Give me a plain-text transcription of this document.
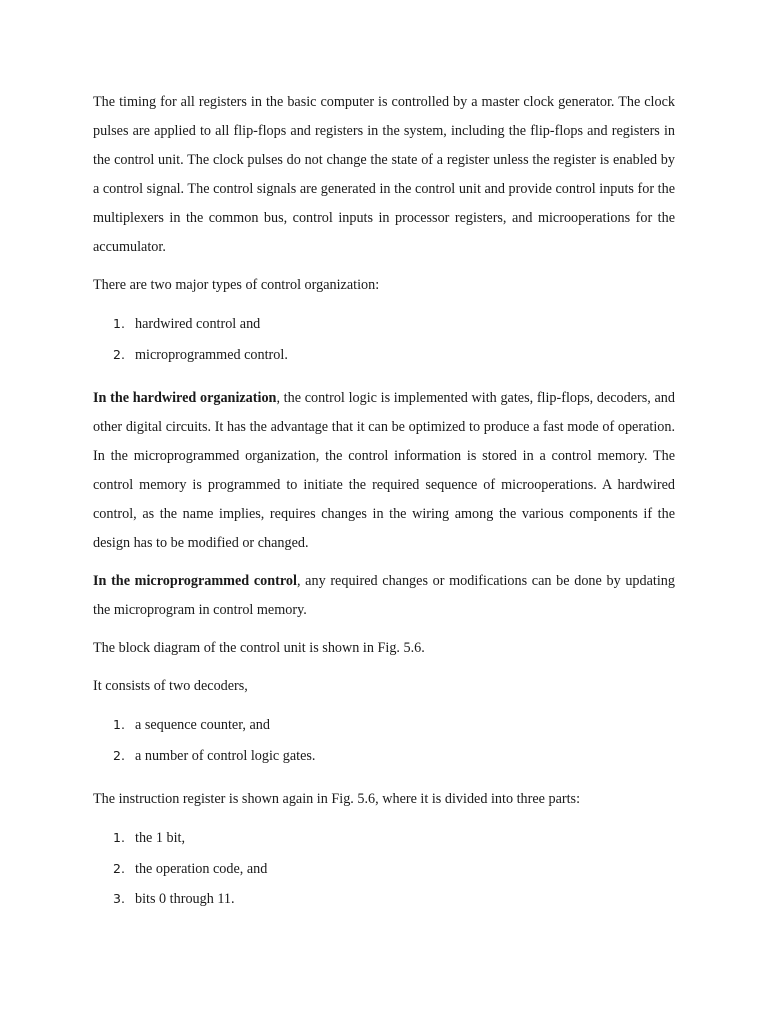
The timing for all registers in the basic computer is controlled by a master clock generator. The clock pulses are applied to all flip-flops and registers in the system, including the flip-flops and registers in the control unit. The clock pulses do not change the state of a register unless the register is enabled by a control signal. The control signals are generated in the control unit and provide control inputs for the multiplexers in the common bus, control inputs in processor registers, and microoperations for the accumulator.

There are two major types of control organization:

1. hardwired control and
2. microprogrammed control.

In the hardwired organization, the control logic is implemented with gates, flip-flops, decoders, and other digital circuits. It has the advantage that it can be optimized to produce a fast mode of operation. In the microprogrammed organization, the control information is stored in a control memory. The control memory is programmed to initiate the required sequence of microoperations. A hardwired control, as the name implies, requires changes in the wiring among the various components if the design has to be modified or changed.

In the microprogrammed control, any required changes or modifications can be done by updating the microprogram in control memory.

The block diagram of the control unit is shown in Fig. 5.6.

It consists of two decoders,

1. a sequence counter, and
2. a number of control logic gates.

The instruction register is shown again in Fig. 5.6, where it is divided into three parts:

1. the 1 bit,
2. the operation code, and
3. bits 0 through 11.
